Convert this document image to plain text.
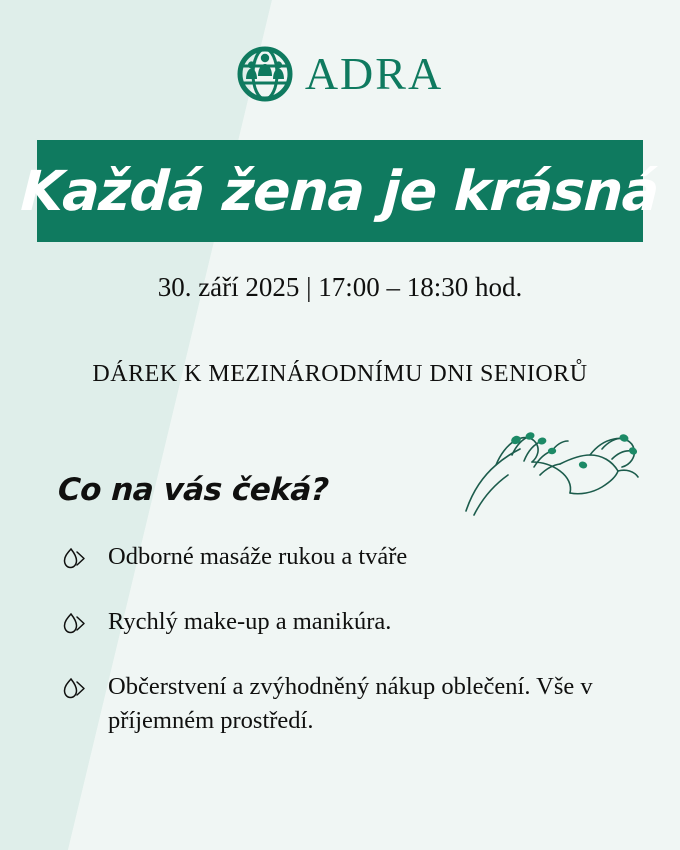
ADRA
Každá žena je krásná
30. září 2025 | 17:00 – 18:30 hod.
DÁREK K MEZINÁRODNÍMU DNI SENIORŮ
Co na vás čeká?
Odborné masáže rukou a tváře
Rychlý make-up a manikúra.
Občerstvení a zvýhodněný nákup oblečení. Vše v příjemném prostředí.
